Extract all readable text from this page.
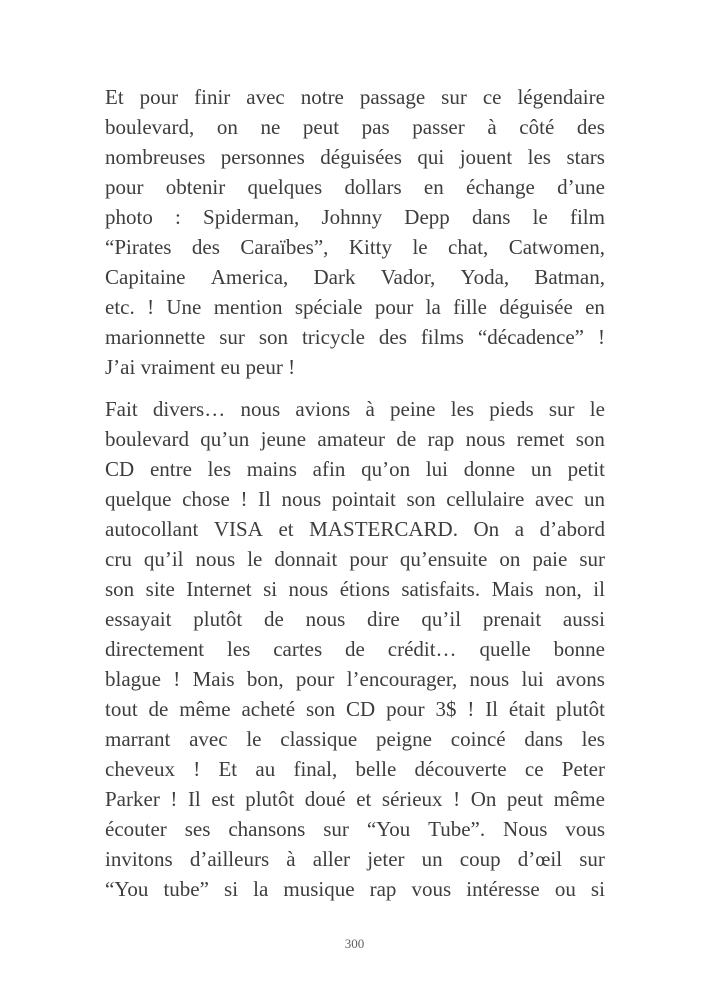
Et pour finir avec notre passage sur ce légendaire
boulevard, on ne peut pas passer à côté des
nombreuses personnes déguisées qui jouent les stars
pour obtenir quelques dollars en échange d’une
photo : Spiderman, Johnny Depp dans le film
“Pirates des Caraïbes”, Kitty le chat, Catwomen,
Capitaine America, Dark Vador, Yoda, Batman,
etc. ! Une mention spéciale pour la fille déguisée en
marionnette sur son tricycle des films “décadence” !
J’ai vraiment eu peur !
Fait divers… nous avions à peine les pieds sur le
boulevard qu’un jeune amateur de rap nous remet son
CD entre les mains afin qu’on lui donne un petit
quelque chose ! Il nous pointait son cellulaire avec un
autocollant VISA et MASTERCARD. On a d’abord
cru qu’il nous le donnait pour qu’ensuite on paie sur
son site Internet si nous étions satisfaits. Mais non, il
essayait plutôt de nous dire qu’il prenait aussi
directement les cartes de crédit… quelle bonne
blague ! Mais bon, pour l’encourager, nous lui avons
tout de même acheté son CD pour 3$ ! Il était plutôt
marrant avec le classique peigne coincé dans les
cheveux ! Et au final, belle découverte ce Peter
Parker ! Il est plutôt doué et sérieux ! On peut même
écouter ses chansons sur “You Tube”. Nous vous
invitons d’ailleurs à aller jeter un coup d’œil sur
“You tube” si la musique rap vous intéresse ou si
300
